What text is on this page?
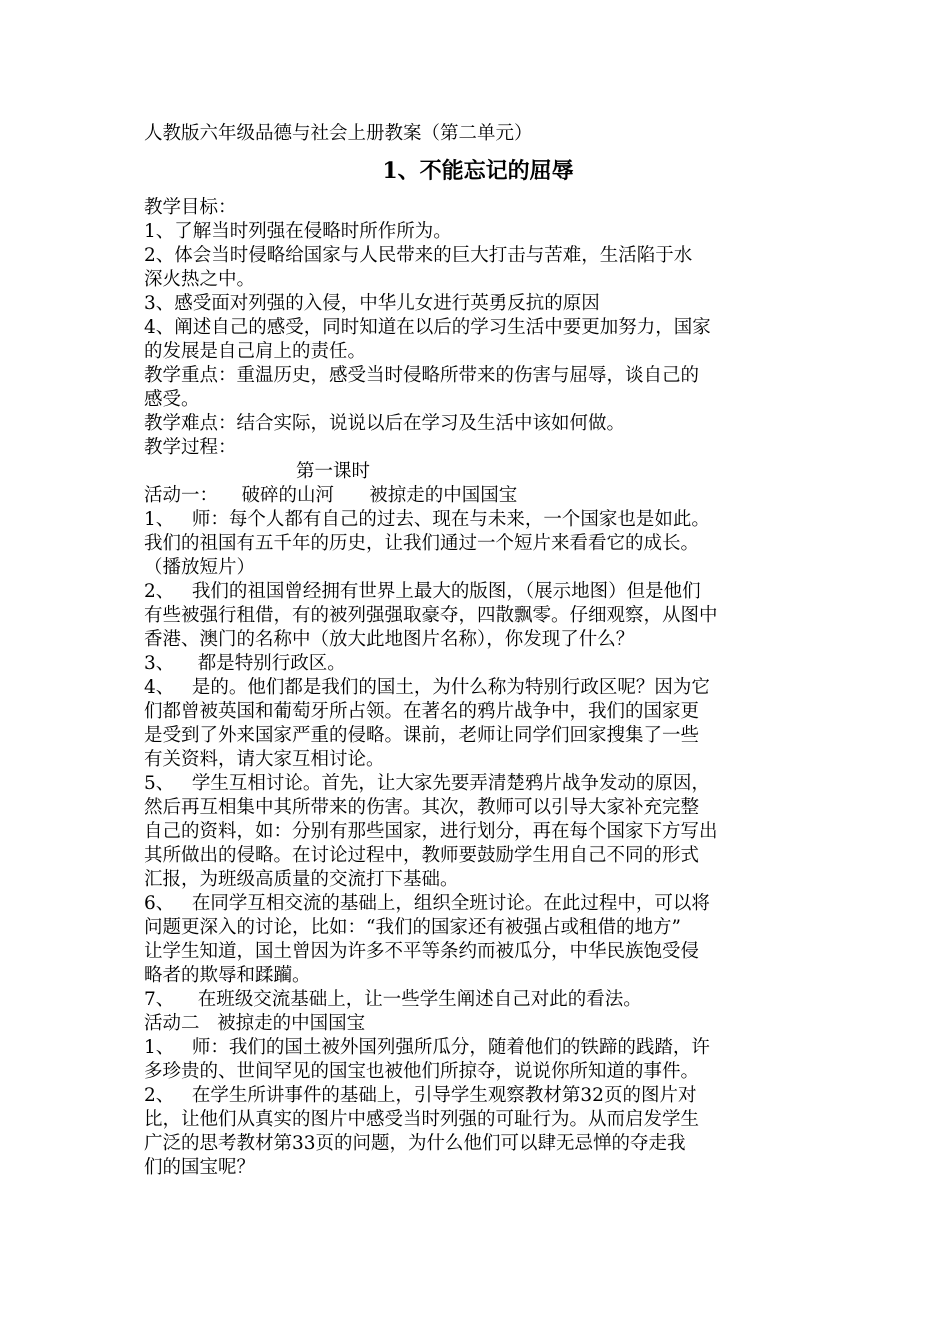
人教版六年级品德与社会上册教案（第二单元）

1、不能忘记的屈辱

教学目标：

1、了解当时列强在侵略时所作所为。

2、体会当时侵略给国家与人民带来的巨大打击与苦难，生活陷于水

深火热之中。

3、感受面对列强的入侵，中华儿女进行英勇反抗的原因

4、阐述自己的感受，同时知道在以后的学习生活中要更加努力，国家

的发展是自己肩上的责任。

教学重点：重温历史，感受当时侵略所带来的伤害与屈辱，谈自己的

感受。

教学难点：结合实际，说说以后在学习及生活中该如何做。

教学过程：

第一课时

活动一：    破碎的山河      被掠走的中国国宝

1、   师：每个人都有自己的过去、现在与未来，一个国家也是如此。

我们的祖国有五千年的历史，让我们通过一个短片来看看它的成长。

（播放短片）

2、   我们的祖国曾经拥有世界上最大的版图，（展示地图）但是他们

有些被强行租借，有的被列强强取豪夺，四散飘零。仔细观察，从图中

香港、澳门的名称中（放大此地图片名称），你发现了什么？

3、    都是特别行政区。

4、   是的。他们都是我们的国土，为什么称为特别行政区呢？因为它

们都曾被英国和葡萄牙所占领。在著名的鸦片战争中，我们的国家更

是受到了外来国家严重的侵略。课前，老师让同学们回家搜集了一些

有关资料，请大家互相讨论。

5、   学生互相讨论。首先，让大家先要弄清楚鸦片战争发动的原因，

然后再互相集中其所带来的伤害。其次，教师可以引导大家补充完整

自己的资料，如：分别有那些国家，进行划分，再在每个国家下方写出

其所做出的侵略。在讨论过程中，教师要鼓励学生用自己不同的形式

汇报，为班级高质量的交流打下基础。

6、   在同学互相交流的基础上，组织全班讨论。在此过程中，可以将

问题更深入的讨论，比如：“我们的国家还有被强占或租借的地方”

让学生知道，国土曾因为许多不平等条约而被瓜分，中华民族饱受侵

略者的欺辱和蹂躏。

7、    在班级交流基础上，让一些学生阐述自己对此的看法。

活动二   被掠走的中国国宝

1、   师：我们的国土被外国列强所瓜分，随着他们的铁蹄的践踏，许

多珍贵的、世间罕见的国宝也被他们所掠夺，说说你所知道的事件。

2、   在学生所讲事件的基础上，引导学生观察教材第32页的图片对

比，让他们从真实的图片中感受当时列强的可耻行为。从而启发学生

广泛的思考教材第33页的问题，为什么他们可以肆无忌惮的夺走我

们的国宝呢？
